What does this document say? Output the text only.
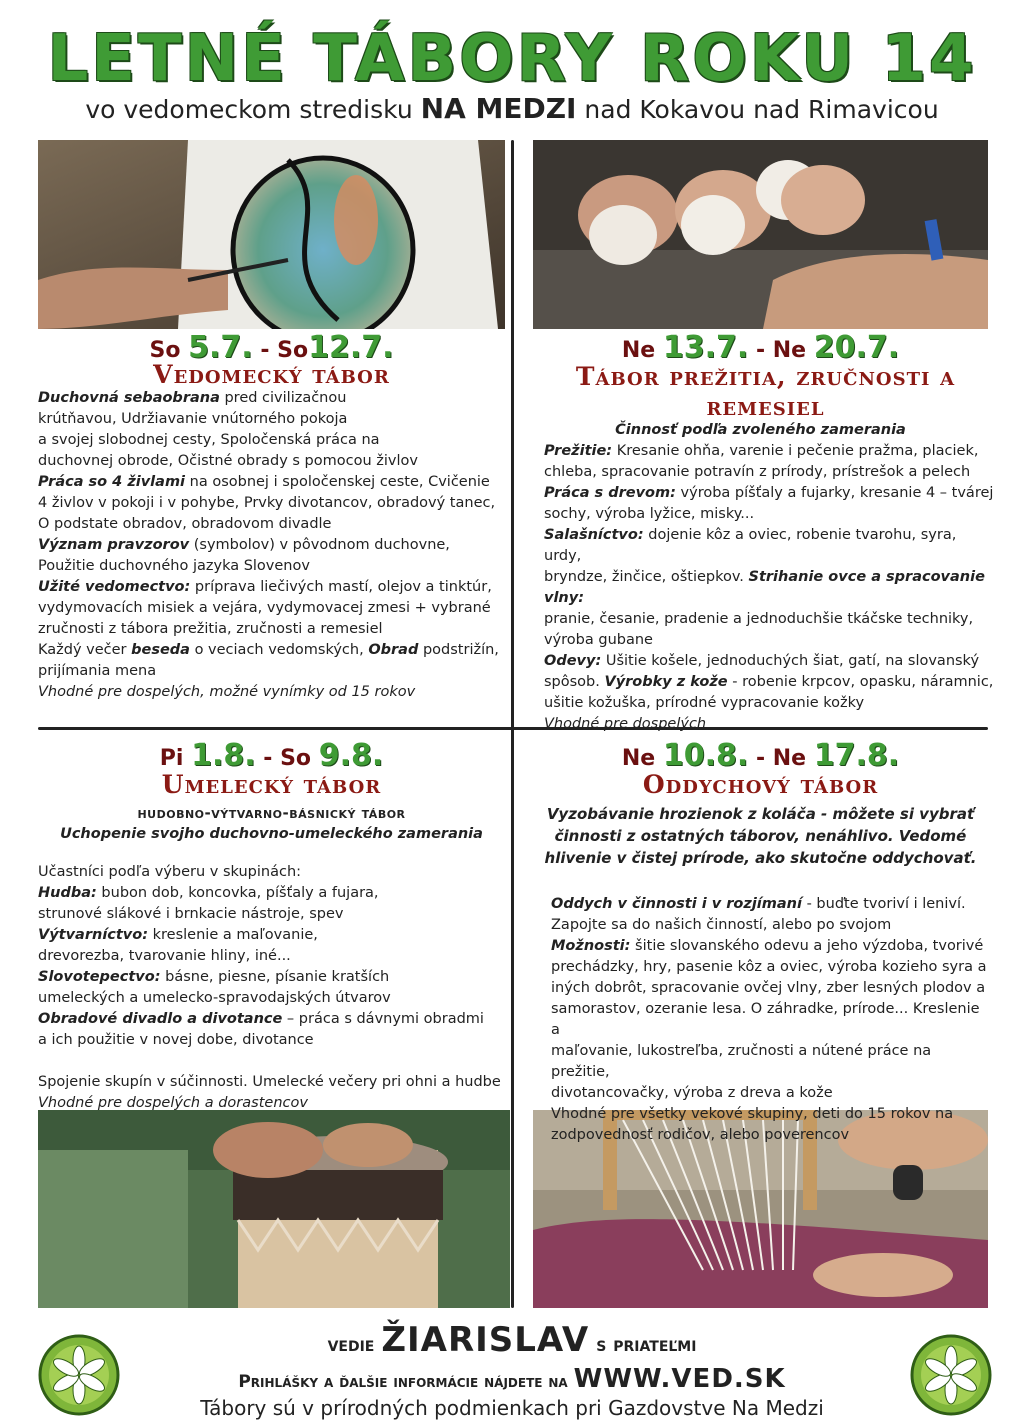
LETNÉ TÁBORY ROKU 14
vo vedomeckom stredisku NA MEDZI nad Kokavou nad Rimavicou
So 5.7. - So12.7.
Vedomecký tábor

Duchovná sebaobrana pred civilizačnou

krútňavou, Udržiavanie vnútorného pokoja

a svojej slobodnej cesty, Spoločenská práca na

duchovnej obrode, Očistné obrady s pomocou živlov

Práca so 4 živlami na osobnej i spoločenskej ceste, Cvičenie

4 živlov v pokoji i v pohybe, Prvky divotancov, obradový tanec,

O podstate obradov, obradovom divadle

Význam pravzorov (symbolov) v pôvodnom duchovne,

Použitie duchovného jazyka Slovenov

Užité vedomectvo: príprava liečivých mastí, olejov a tinktúr,

vydymovacích misiek a vejára, vydymovacej zmesi + vybrané

zručnosti z tábora prežitia, zručnosti a remesiel

Každý večer beseda o veciach vedomských, Obrad podstrižín,

prijímania mena

Vhodné pre dospelých, možné vynímky od 15 rokov

Ne 13.7. - Ne 20.7.
Tábor prežitia, zručnosti a remesiel
Činnosť podľa zvoleného zamerania

Prežitie: Kresanie ohňa, varenie i pečenie pražma, placiek,

chleba, spracovanie potravín z prírody, prístrešok a pelech

Práca s drevom: výroba píšťaly a fujarky, kresanie 4 – tvárej

sochy, výroba lyžice, misky...

Salašníctvo: dojenie kôz a oviec, robenie tvarohu, syra, urdy,

bryndze, žinčice, oštiepkov. Strihanie ovce a spracovanie vlny:

pranie, česanie, pradenie a jednoduchšie tkáčske techniky,

výroba gubane

Odevy: Ušitie košele, jednoduchých šiat, gatí, na slovanský

spôsob. Výrobky z kože - robenie krpcov, opasku, náramnic,

ušitie kožuška, prírodné vypracovanie kožky

Vhodné pre dospelých

Pi 1.8. - So 9.8.
Umelecký tábor
hudobno-výtvarno-básnický tábor
Uchopenie svojho duchovno-umeleckého zamerania

Učastníci podľa výberu v skupinách:

Hudba: bubon dob, koncovka, píšťaly a fujara,

strunové slákové i brnkacie nástroje, spev

Výtvarníctvo: kreslenie a maľovanie,

drevorezba, tvarovanie hliny, iné...

Slovotepectvo: básne, piesne, písanie kratších

umeleckých a umelecko-spravodajských útvarov

Obradové divadlo a divotance – práca s dávnymi obradmi

a ich použitie v novej dobe, divotance

Spojenie skupín v súčinnosti. Umelecké večery pri ohni a hudbe

Vhodné pre dospelých a dorastencov

Ne 10.8. - Ne 17.8.
Oddychový tábor

Vyzobávanie hrozienok z koláča - môžete si vybrať

činnosti z ostatných táborov, nenáhlivo. Vedomé

hlivenie v čistej prírode, ako skutočne oddychovať.

Oddych v činnosti i v rozjímaní - buďte tvoriví i leniví.

Zapojte sa do našich činností, alebo po svojom

Možnosti: šitie slovanského odevu a jeho výzdoba, tvorivé

prechádzky, hry, pasenie kôz a oviec, výroba kozieho syra a

iných dobrôt, spracovanie ovčej vlny, zber lesných plodov a

samorastov, ozeranie lesa. O záhradke, prírode... Kreslenie a

maľovanie, lukostreľba, zručnosti a nútené práce na prežitie,

divotancovačky, výroba z dreva a kože

Vhodné pre všetky vekové skupiny, deti do 15 rokov na

zodpovednosť rodičov, alebo poverencov

vedie ŽIARISLAV s priateľmi
Prihlášky a ďalšie informácie nájdete na WWW.VED.SK
Tábory sú v prírodných podmienkach pri Gazdovstve Na Medzi
